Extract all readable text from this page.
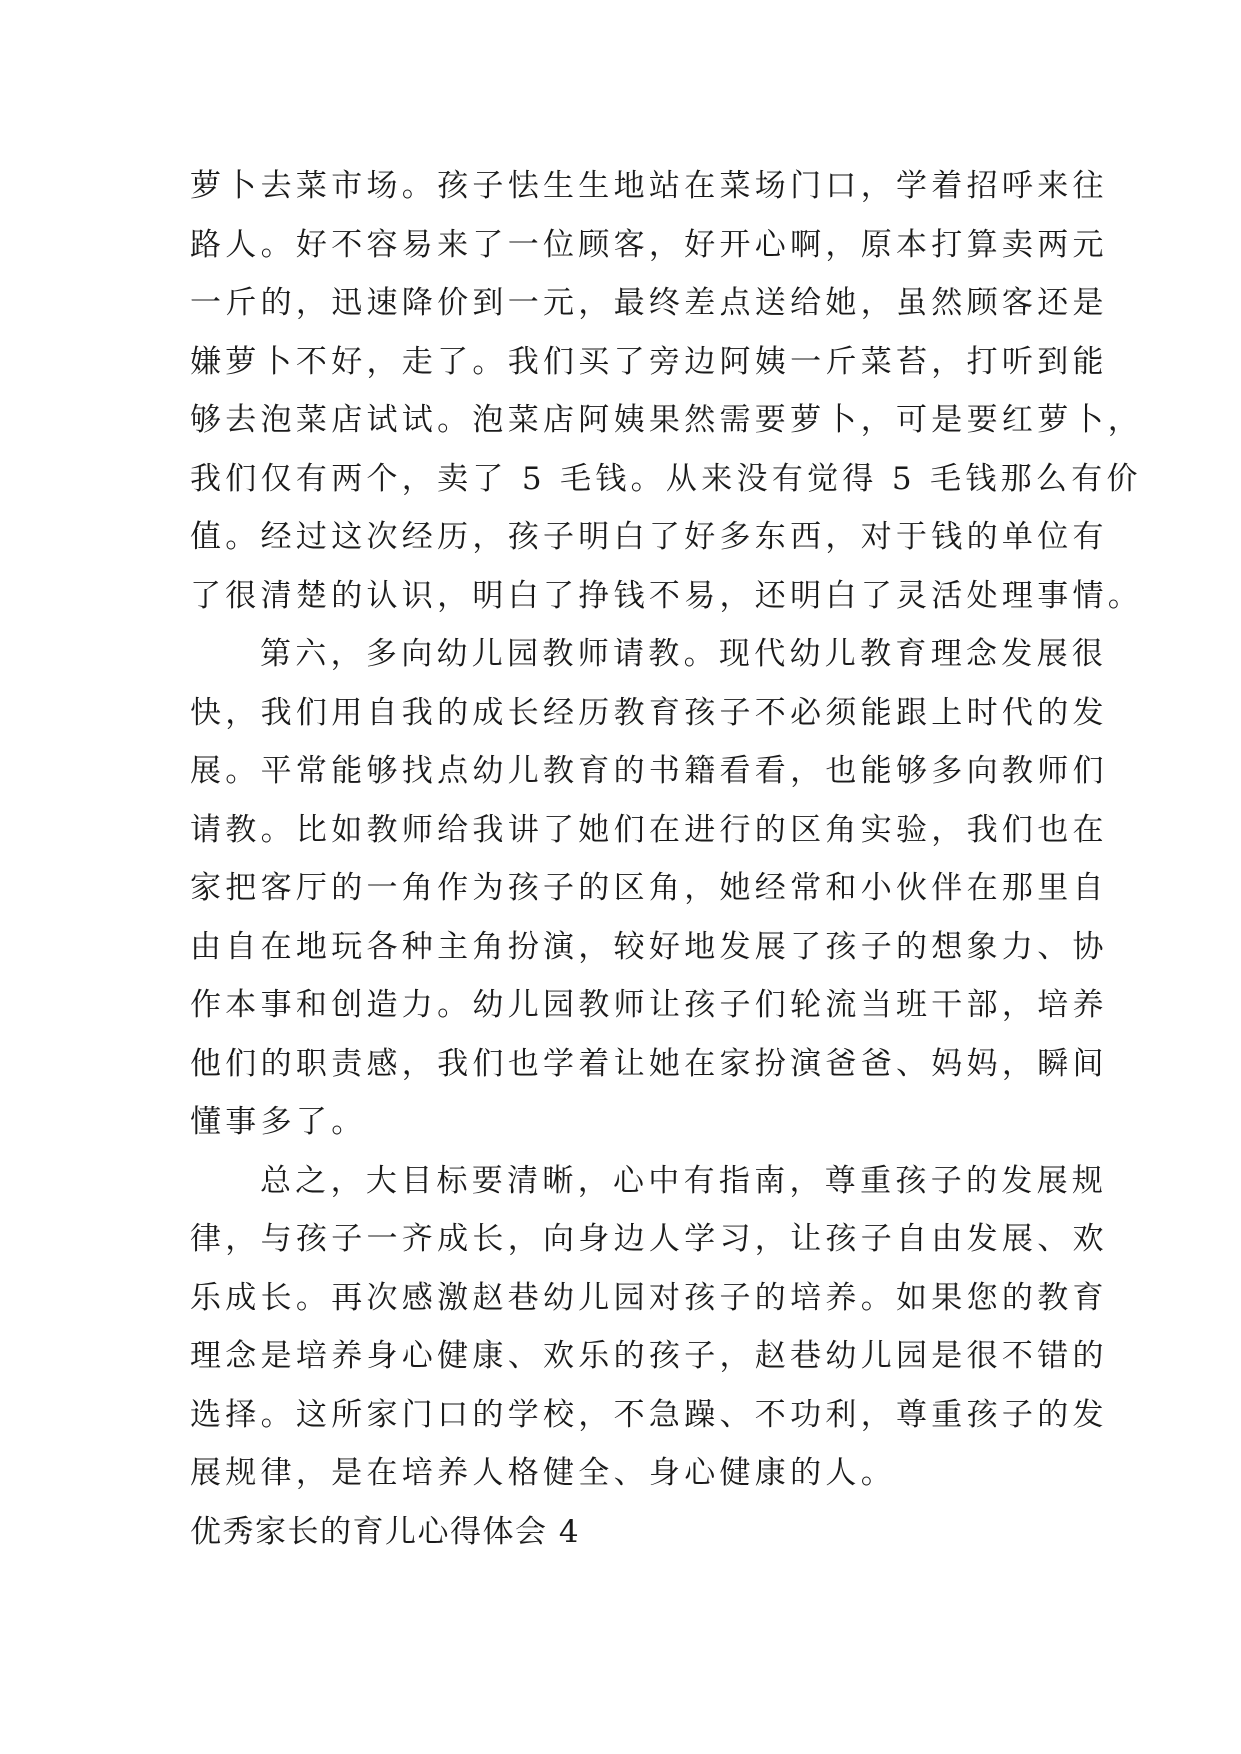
萝卜去菜市场。孩子怯生生地站在菜场门口，学着招呼来往
路人。好不容易来了一位顾客，好开心啊，原本打算卖两元
一斤的，迅速降价到一元，最终差点送给她，虽然顾客还是
嫌萝卜不好，走了。我们买了旁边阿姨一斤菜苔，打听到能
够去泡菜店试试。泡菜店阿姨果然需要萝卜，可是要红萝卜，
我们仅有两个，卖了 5 毛钱。从来没有觉得 5 毛钱那么有价
值。经过这次经历，孩子明白了好多东西，对于钱的单位有
了很清楚的认识，明白了挣钱不易，还明白了灵活处理事情。
第六，多向幼儿园教师请教。现代幼儿教育理念发展很
快，我们用自我的成长经历教育孩子不必须能跟上时代的发
展。平常能够找点幼儿教育的书籍看看，也能够多向教师们
请教。比如教师给我讲了她们在进行的区角实验，我们也在
家把客厅的一角作为孩子的区角，她经常和小伙伴在那里自
由自在地玩各种主角扮演，较好地发展了孩子的想象力、协
作本事和创造力。幼儿园教师让孩子们轮流当班干部，培养
他们的职责感，我们也学着让她在家扮演爸爸、妈妈，瞬间
懂事多了。
总之，大目标要清晰，心中有指南，尊重孩子的发展规
律，与孩子一齐成长，向身边人学习，让孩子自由发展、欢
乐成长。再次感激赵巷幼儿园对孩子的培养。如果您的教育
理念是培养身心健康、欢乐的孩子，赵巷幼儿园是很不错的
选择。这所家门口的学校，不急躁、不功利，尊重孩子的发
展规律，是在培养人格健全、身心健康的人。
优秀家长的育儿心得体会 4
